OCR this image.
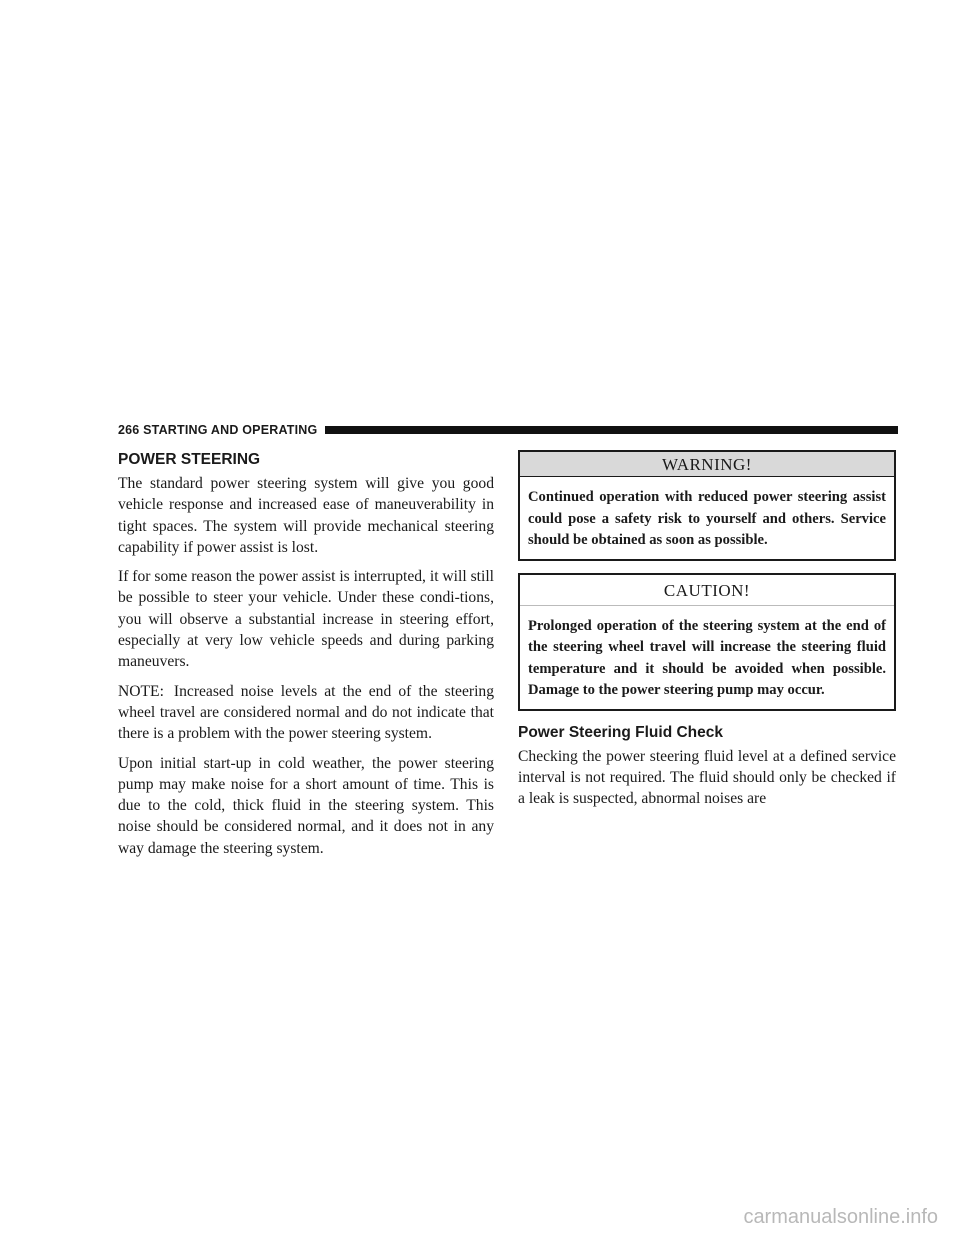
266 STARTING AND OPERATING
POWER STEERING

The standard power steering system will give you good vehicle response and increased ease of maneuverability in tight spaces. The system will provide mechanical steering capability if power assist is lost.

If for some reason the power assist is interrupted, it will still be possible to steer your vehicle. Under these condi-tions, you will observe a substantial increase in steering effort, especially at very low vehicle speeds and during parking maneuvers.

NOTE: Increased noise levels at the end of the steering wheel travel are considered normal and do not indicate that there is a problem with the power steering system.

Upon initial start-up in cold weather, the power steering pump may make noise for a short amount of time. This is due to the cold, thick fluid in the steering system. This noise should be considered normal, and it does not in any way damage the steering system.

WARNING!
Continued operation with reduced power steering assist could pose a safety risk to yourself and others. Service should be obtained as soon as possible.
CAUTION!
Prolonged operation of the steering system at the end of the steering wheel travel will increase the steering fluid temperature and it should be avoided when possible. Damage to the power steering pump may occur.
Power Steering Fluid Check

Checking the power steering fluid level at a defined service interval is not required. The fluid should only be checked if a leak is suspected, abnormal noises are

carmanualsonline.info
